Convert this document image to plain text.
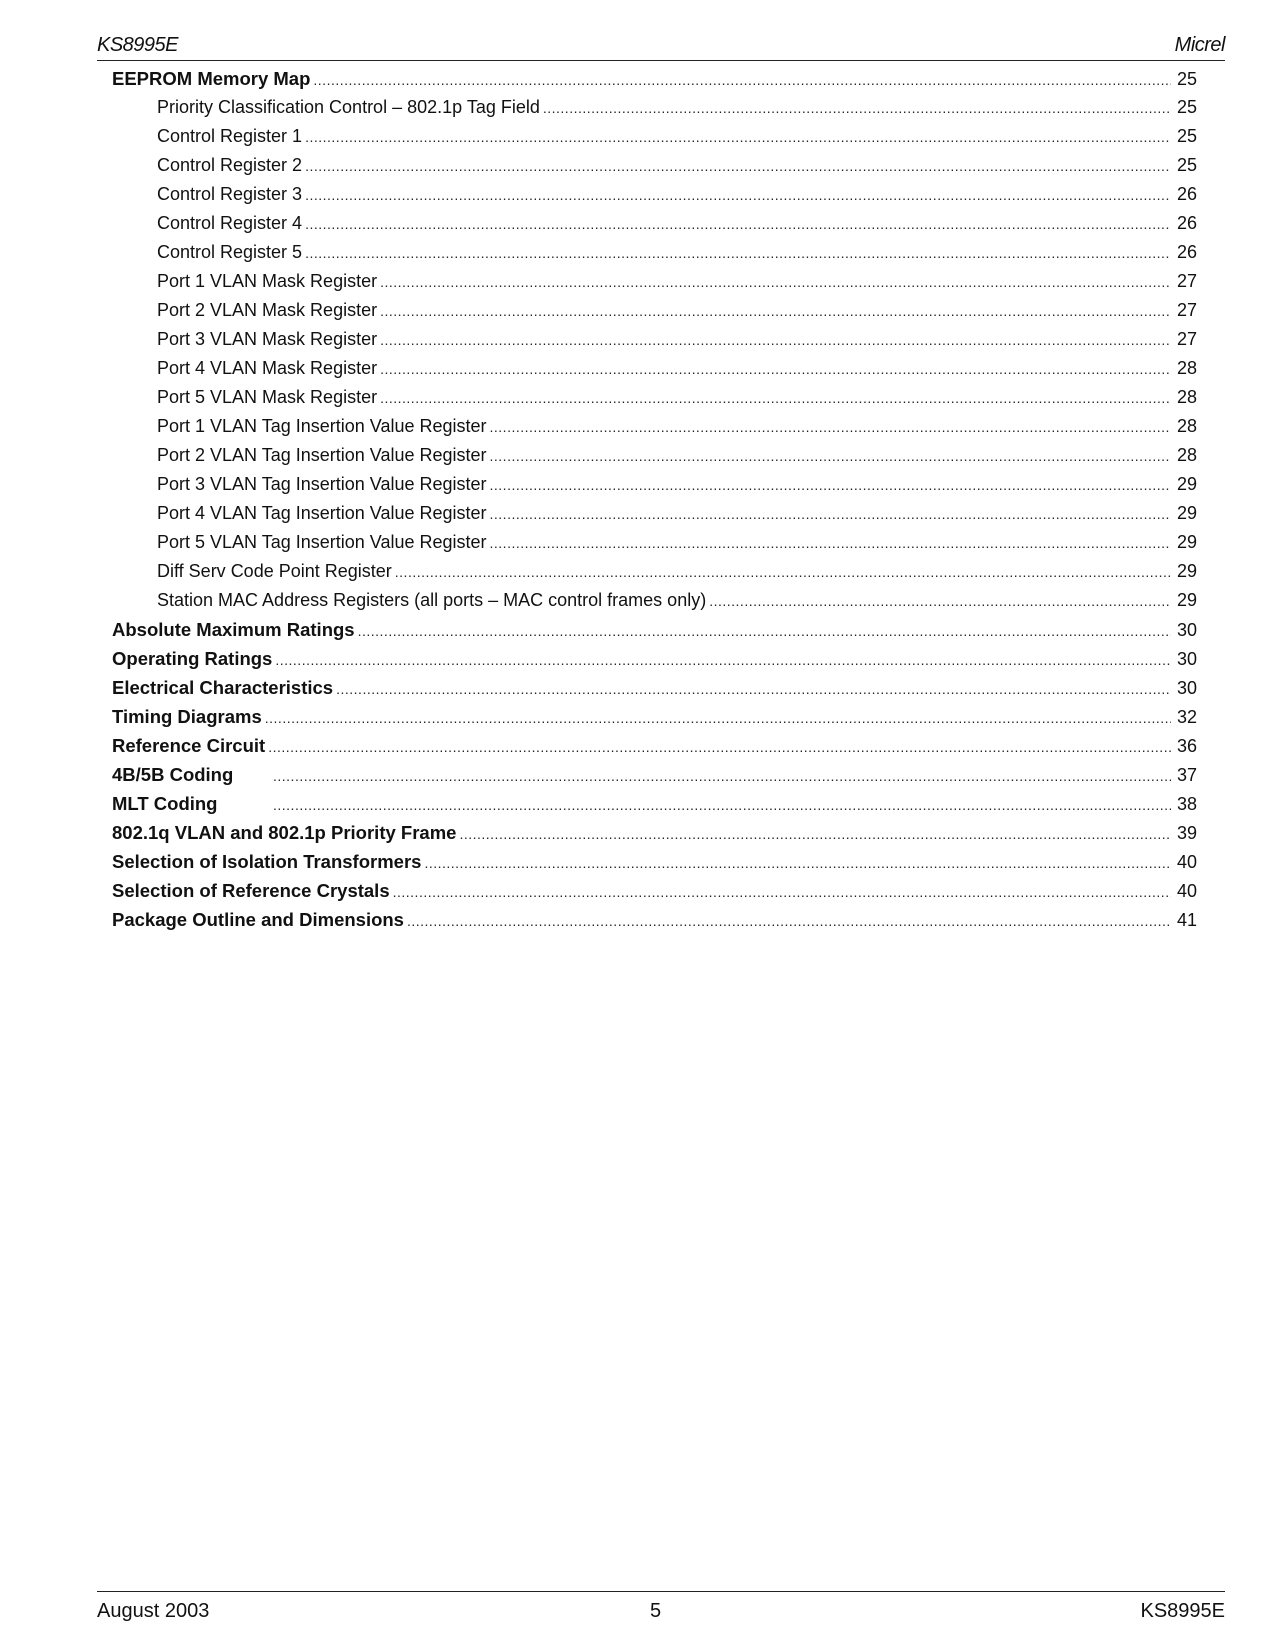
KS8995E	Micrel
EEPROM Memory Map .....	25
Priority Classification Control – 802.1p Tag Field .....	25
Control Register 1 .....	25
Control Register 2 .....	25
Control Register 3 .....	26
Control Register 4 .....	26
Control Register 5 .....	26
Port 1 VLAN Mask Register .....	27
Port 2 VLAN Mask Register .....	27
Port 3 VLAN Mask Register .....	27
Port 4 VLAN Mask Register .....	28
Port 5 VLAN Mask Register .....	28
Port 1 VLAN Tag Insertion Value Register .....	28
Port 2 VLAN Tag Insertion Value Register .....	28
Port 3 VLAN Tag Insertion Value Register .....	29
Port 4 VLAN Tag Insertion Value Register .....	29
Port 5 VLAN Tag Insertion Value Register .....	29
Diff Serv Code Point Register .....	29
Station MAC Address Registers (all ports – MAC control frames only) .....	29
Absolute Maximum Ratings .....	30
Operating Ratings .....	30
Electrical Characteristics .....	30
Timing Diagrams .....	32
Reference Circuit .....	36
4B/5B Coding .....	37
MLT Coding .....	38
802.1q VLAN and 802.1p Priority Frame .....	39
Selection of Isolation Transformers .....	40
Selection of Reference Crystals .....	40
Package Outline and Dimensions .....	41
August 2003	5	KS8995E
